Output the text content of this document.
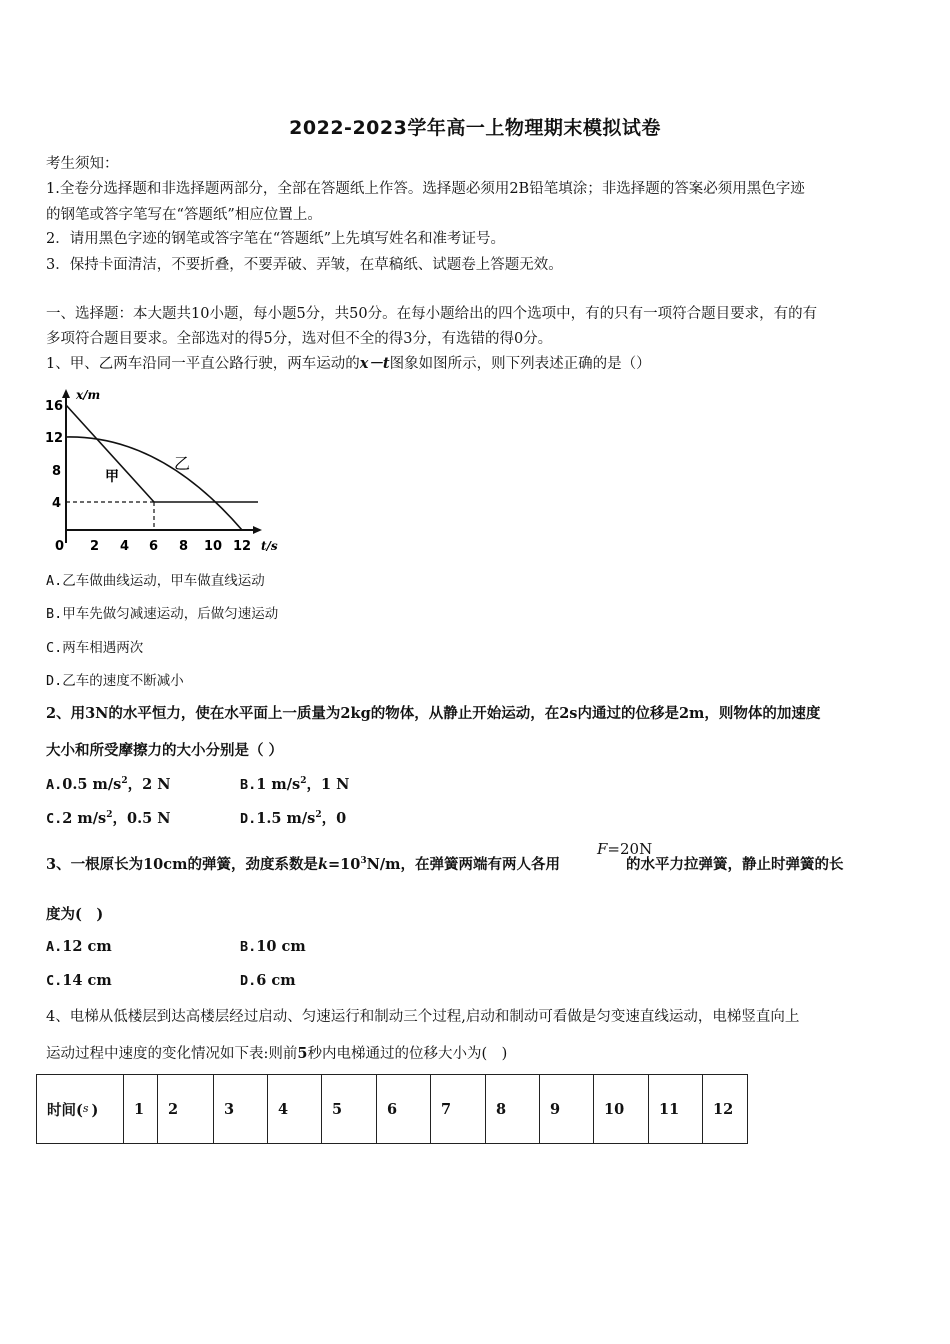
2022-2023学年高一上物理期末模拟试卷
考生须知：
1.全卷分选择题和非选择题两部分，全部在答题纸上作答。选择题必须用2B铅笔填涂；非选择题的答案必须用黑色字迹
的钢笔或答字笔写在“答题纸”相应位置上。
2．请用黑色字迹的钢笔或答字笔在“答题纸”上先填写姓名和准考证号。
3．保持卡面清洁，不要折叠，不要弄破、弄皱，在草稿纸、试题卷上答题无效。
一、选择题：本大题共10小题，每小题5分，共50分。在每小题给出的四个选项中，有的只有一项符合题目要求，有的有
多项符合题目要求。全部选对的得5分，选对但不全的得3分，有选错的得0分。
1、甲、乙两车沿同一平直公路行驶，两车运动的x－t图象如图所示，则下列表述正确的是（）
x/m
t/s
16
12
8
4
0 2 4 6 8 10 12
甲
乙
A.乙车做曲线运动，甲车做直线运动
B.甲车先做匀减速运动，后做匀速运动
C.两车相遇两次
D.乙车的速度不断减小
2、用3N的水平恒力，使在水平面上一质量为2kg的物体，从静止开始运动，在2s内通过的位移是2m，则物体的加速度
大小和所受摩擦力的大小分别是（ ）
A.0.5 $m/s^2$，2 N	B.1 $m/s^2$，1 N
C.2 $m/s^2$，0.5 N	D.1.5 $m/s^2$，0
3、一根原长为10cm的弹簧，劲度系数是$k=10^3N/m$，在弹簧两端有两人各用	的水平力拉弹簧，静止时弹簧的长
F=20N
度为(　)
A.12 cm	B.10 cm
C.14 cm	D.6 cm
4、电梯从低楼层到达高楼层经过启动、匀速运行和制动三个过程,启动和制动可看做是匀变速直线运动，电梯竖直向上
运动过程中速度的变化情况如下表:则前5秒内电梯通过的位移大小为(　)
时间($^s$ )	1	2	3	4	5	6	7	8	9	10	11	12
